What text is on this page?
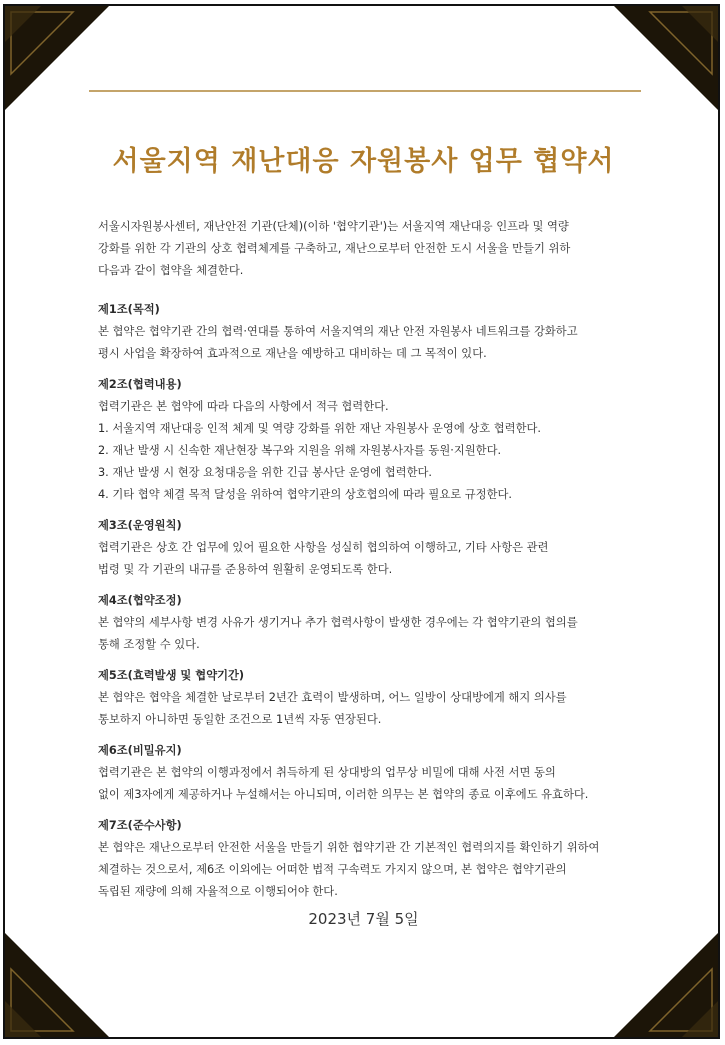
서울지역 재난대응 자원봉사 업무 협약서
서울시자원봉사센터, 재난안전 기관(단체)(이하 '협약기관')는 서울지역 재난대응 인프라 및 역량
강화를 위한 각 기관의 상호 협력체계를 구축하고, 재난으로부터 안전한 도시 서울을 만들기 위하
다음과 같이 협약을 체결한다.
제1조(목적)
본 협약은 협약기관 간의 협력·연대를 통하여 서울지역의 재난 안전 자원봉사 네트워크를 강화하고
평시 사업을 확장하여 효과적으로 재난을 예방하고 대비하는 데 그 목적이 있다.
제2조(협력내용)
협력기관은 본 협약에 따라 다음의 사항에서 적극 협력한다.
1. 서울지역 재난대응 인적 체계 및 역량 강화를 위한 재난 자원봉사 운영에 상호 협력한다.
2. 재난 발생 시 신속한 재난현장 복구와 지원을 위해 자원봉사자를 동원·지원한다.
3. 재난 발생 시 현장 요청대응을 위한 긴급 봉사단 운영에 협력한다.
4. 기타 협약 체결 목적 달성을 위하여 협약기관의 상호협의에 따라 필요로 규정한다.
제3조(운영원칙)
협력기관은 상호 간 업무에 있어 필요한 사항을 성실히 협의하여 이행하고, 기타 사항은 관련
법령 및 각 기관의 내규를 준용하여 원활히 운영되도록 한다.
제4조(협약조정)
본 협약의 세부사항 변경 사유가 생기거나 추가 협력사항이 발생한 경우에는 각 협약기관의 협의를
통해 조정할 수 있다.
제5조(효력발생 및 협약기간)
본 협약은 협약을 체결한 날로부터 2년간 효력이 발생하며, 어느 일방이 상대방에게 해지 의사를
통보하지 아니하면 동일한 조건으로 1년씩 자동 연장된다.
제6조(비밀유지)
협력기관은 본 협약의 이행과정에서 취득하게 된 상대방의 업무상 비밀에 대해 사전 서면 동의
없이 제3자에게 제공하거나 누설해서는 아니되며, 이러한 의무는 본 협약의 종료 이후에도 유효하다.
제7조(준수사항)
본 협약은 재난으로부터 안전한 서울을 만들기 위한 협약기관 간 기본적인 협력의지를 확인하기 위하여
체결하는 것으로서, 제6조 이외에는 어떠한 법적 구속력도 가지지 않으며, 본 협약은 협약기관의
독립된 재량에 의해 자율적으로 이행되어야 한다.
2023년 7월 5일
